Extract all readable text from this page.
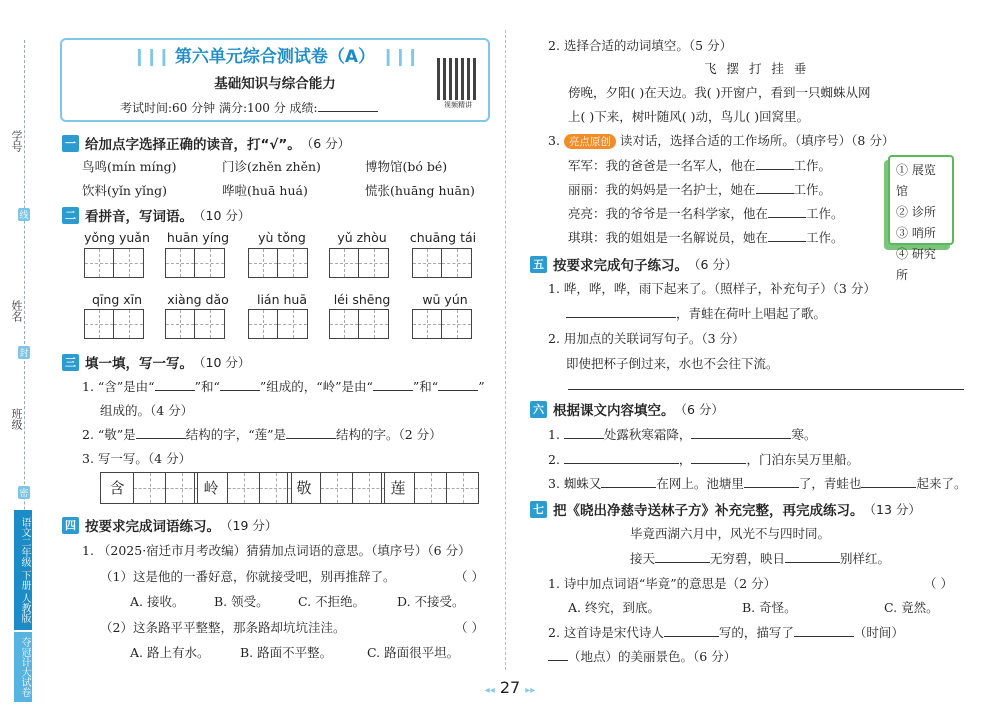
学号
线
姓名
封
班级
密
语文二年级 下册 人教版
夺冠计大试卷
❙❙❙ 第六单元综合测试卷（A） ❙❙❙
基础知识与综合能力
考试时间:60 分钟 满分:100 分 成绩:	视频精讲
一 给加点字选择正确的读音，打“√”。 （6 分）
鸟鸣(mín míng)	门诊(zhěn zhěn)	博物馆(bó bé)
饮料(yǐn yǐng)	哗啦(huā huá)	慌张(huāng huān)
二 看拼音，写词语。 （10 分）
yǒng yuǎn	huān yíng	yù tǒng	yǔ zhòu	chuāng tái
qīng xīn	xiàng dǎo	lián huā	léi shēng	wū yún
三 填一填，写一写。 （10 分）
1. “含”是由“	”和“	”组成的，“岭”是由“	”和“	”
组成的。（4 分）
2. “敬”是	结构的字，“莲”是	结构的字。（2 分）
3. 写一写。（4 分）
含	岭	敬	莲
四 按要求完成词语练习。 （19 分）
1. （2025·宿迁市月考改编）猜猜加点词语的意思。（填序号）（6 分）
（1）这是他的一番好意，你就接受吧，别再推辞了。	（ ）
A. 接收。 B. 领受。 C. 不拒绝。	D. 不接受。
（2）这条路平平整整，那条路却坑坑洼洼。	（ ）
A. 路上有水。 B. 路面不平整。	C. 路面很平坦。
2. 选择合适的动词填空。（5 分）
飞 摆 打 挂 垂
傍晚，夕阳( )在天边。我( )开窗户，看到一只蜘蛛从网
上( )下来，树叶随风( )动，鸟儿( )回窝里。
3. 亮点原创 读对话，选择合适的工作场所。（填序号）（8 分）
军军：我的爸爸是一名军人，他在	工作。
丽丽：我的妈妈是一名护士，她在	工作。
亮亮：我的爷爷是一名科学家，他在	工作。
琪琪：我的姐姐是一名解说员，她在	工作。
① 展览馆
② 诊所
③ 哨所
④ 研究所
五 按要求完成句子练习。 （6 分）
1. 哗，哗，哗，雨下起来了。（照样子，补充句子）（3 分）
，青蛙在荷叶上唱起了歌。
2. 用加点的关联词写句子。（3 分）
即使把杯子倒过来，水也不会往下流。
六 根据课文内容填空。 （6 分）
1.	处露秋寒霜降，	寒。
2.	，	，门泊东吴万里船。
3. 蜘蛛又	在网上。池塘里	了，青蛙也	起来了。
七 把《晓出净慈寺送林子方》补充完整，再完成练习。 （13 分）
毕竟西湖六月中，风光不与四时同。
接天	无穷碧，映日	别样红。
1. 诗中加点词语“毕竟”的意思是（2 分）	（ ）
A. 终究，到底。	B. 奇怪。	C. 竟然。
2. 这首诗是宋代诗人	写的，描写了	（时间）
（地点）的美丽景色。（6 分）
◂◂ 27 ▸▸
